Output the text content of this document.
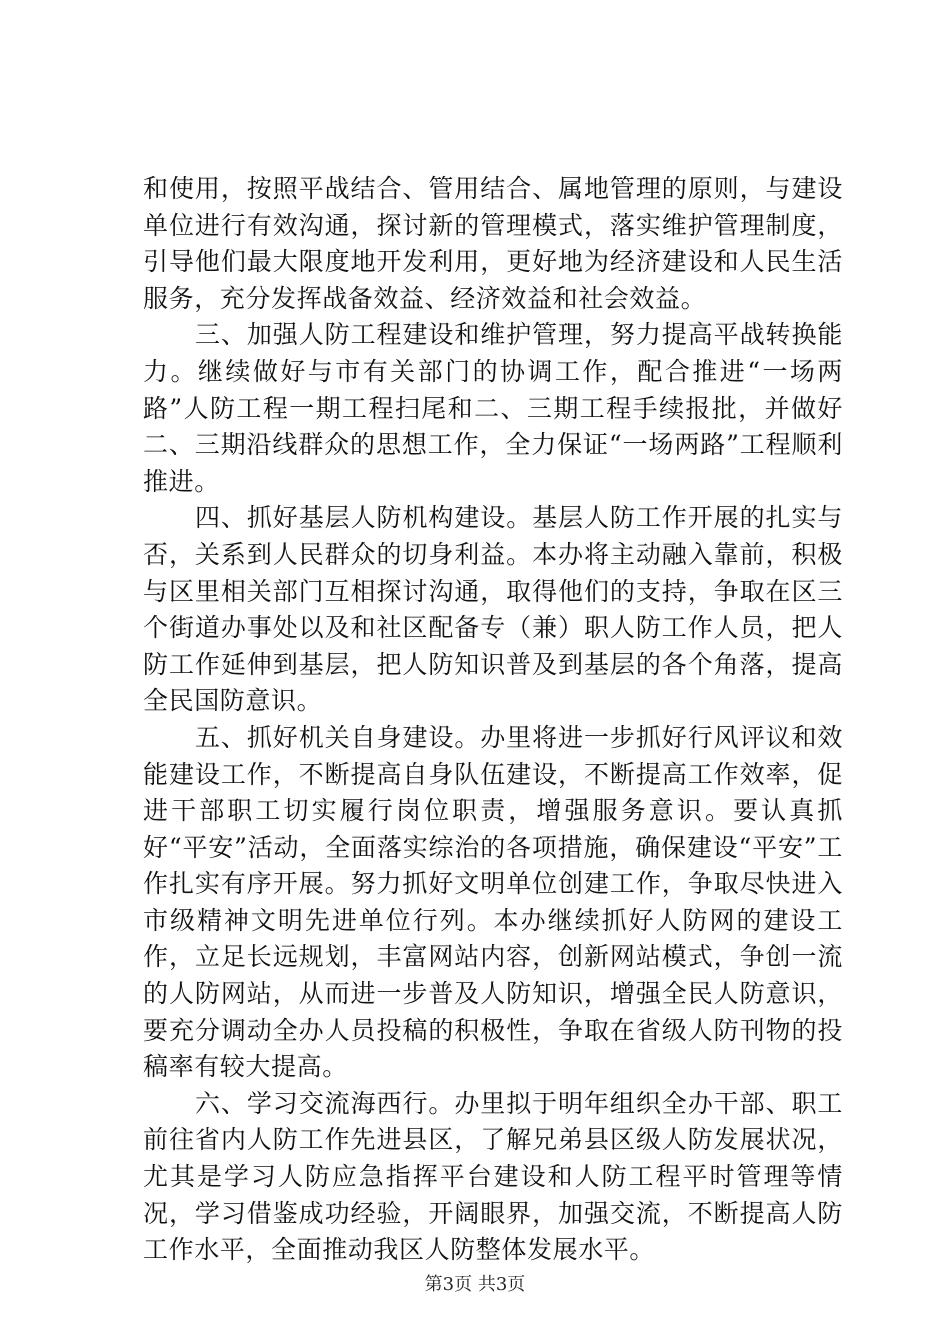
和使用，按照平战结合、管用结合、属地管理的原则，与建设单位进行有效沟通，探讨新的管理模式，落实维护管理制度，引导他们最大限度地开发利用，更好地为经济建设和人民生活服务，充分发挥战备效益、经济效益和社会效益。

三、加强人防工程建设和维护管理，努力提高平战转换能力。继续做好与市有关部门的协调工作，配合推进“一场两路”人防工程一期工程扫尾和二、三期工程手续报批，并做好二、三期沿线群众的思想工作，全力保证“一场两路”工程顺利推进。

四、抓好基层人防机构建设。基层人防工作开展的扎实与否，关系到人民群众的切身利益。本办将主动融入靠前，积极与区里相关部门互相探讨沟通，取得他们的支持，争取在区三个街道办事处以及和社区配备专（兼）职人防工作人员，把人防工作延伸到基层，把人防知识普及到基层的各个角落，提高全民国防意识。

五、抓好机关自身建设。办里将进一步抓好行风评议和效能建设工作，不断提高自身队伍建设，不断提高工作效率，促进干部职工切实履行岗位职责，增强服务意识。要认真抓好“平安”活动，全面落实综治的各项措施，确保建设“平安”工作扎实有序开展。努力抓好文明单位创建工作，争取尽快进入市级精神文明先进单位行列。本办继续抓好人防网的建设工作，立足长远规划，丰富网站内容，创新网站模式，争创一流的人防网站，从而进一步普及人防知识，增强全民人防意识，要充分调动全办人员投稿的积极性，争取在省级人防刊物的投稿率有较大提高。

六、学习交流海西行。办里拟于明年组织全办干部、职工前往省内人防工作先进县区，了解兄弟县区级人防发展状况，尤其是学习人防应急指挥平台建设和人防工程平时管理等情况，学习借鉴成功经验，开阔眼界，加强交流，不断提高人防工作水平，全面推动我区人防整体发展水平。

第3页 共3页
